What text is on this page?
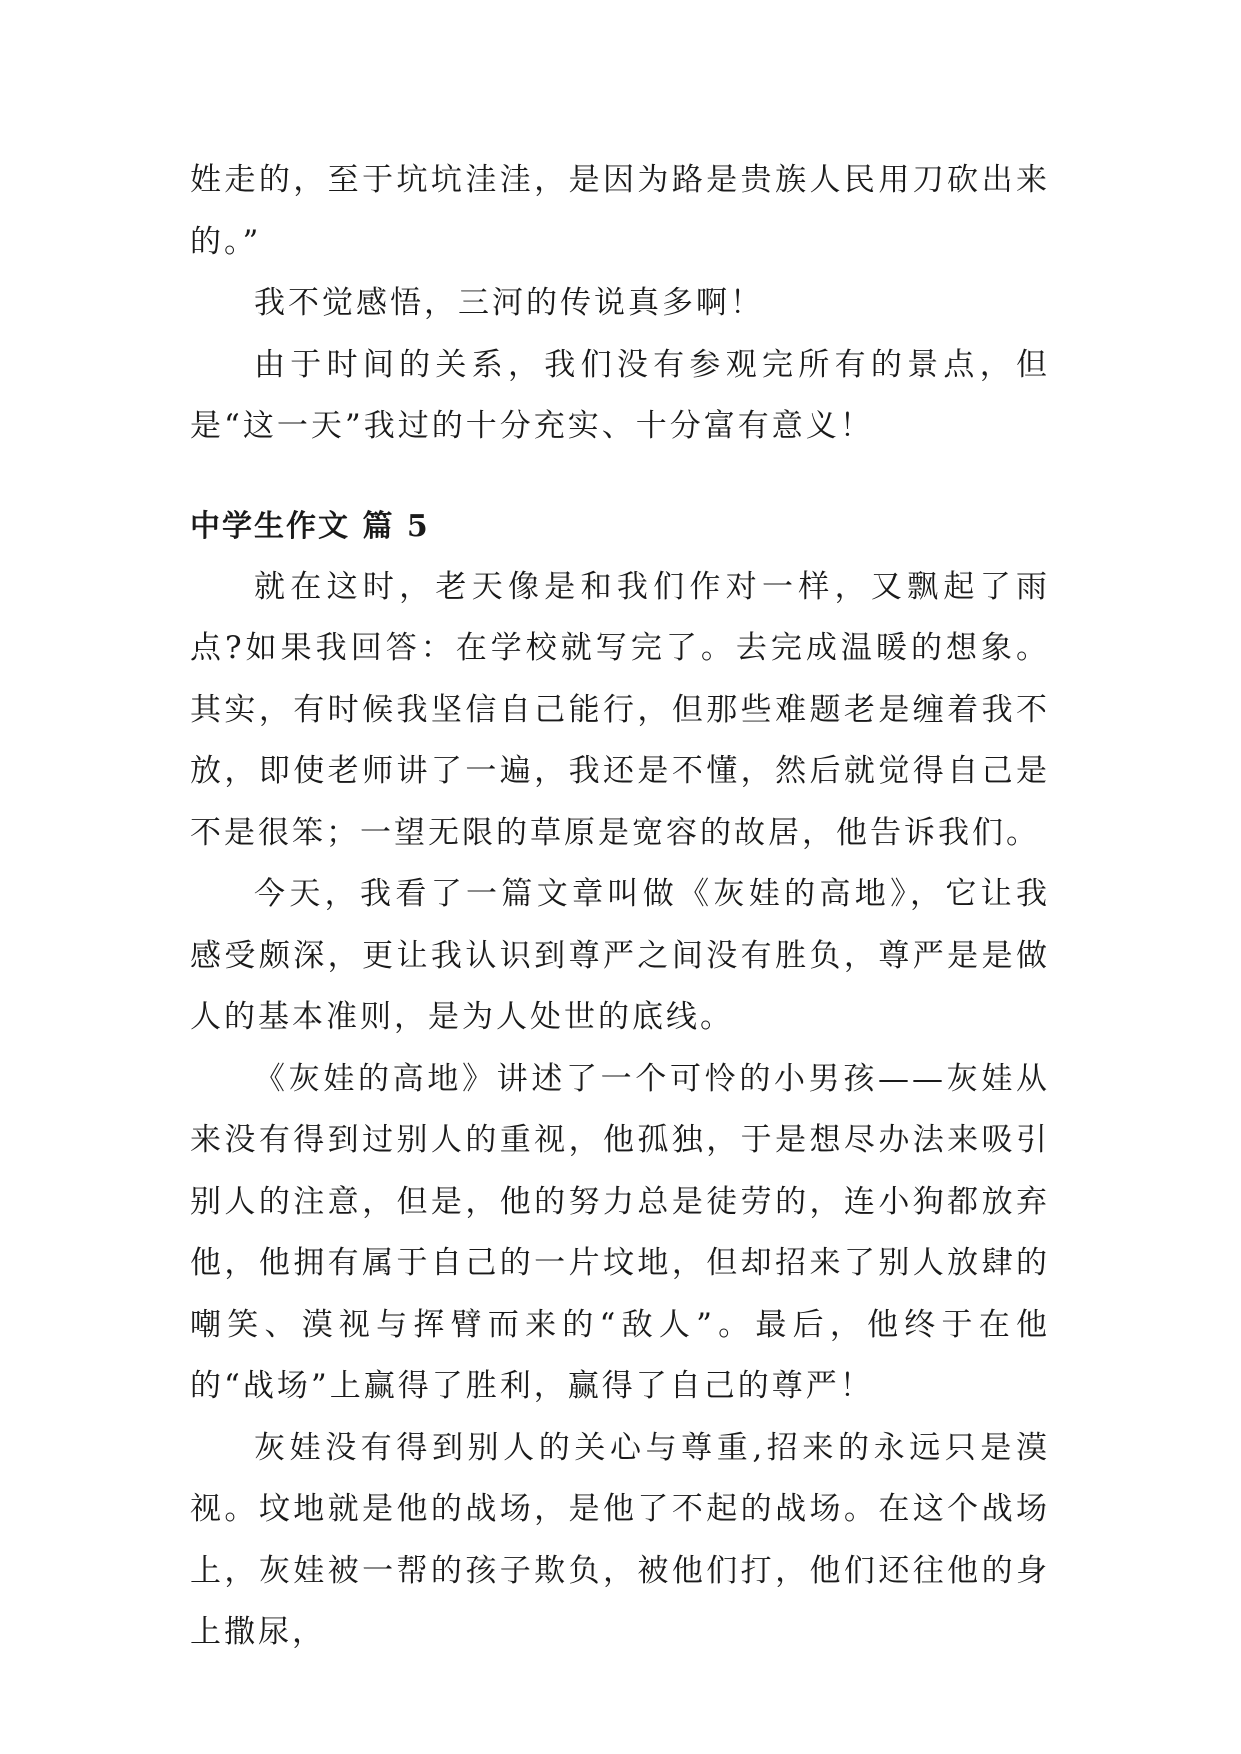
姓走的，至于坑坑洼洼，是因为路是贵族人民用刀砍出来的。”

我不觉感悟，三河的传说真多啊！

由于时间的关系，我们没有参观完所有的景点，但是“这一天”我过的十分充实、十分富有意义！

中学生作文 篇 5

就在这时，老天像是和我们作对一样，又飘起了雨点?如果我回答：在学校就写完了。去完成温暖的想象。其实，有时候我坚信自己能行，但那些难题老是缠着我不放，即使老师讲了一遍，我还是不懂，然后就觉得自己是不是很笨；一望无限的草原是宽容的故居，他告诉我们。

今天，我看了一篇文章叫做《灰娃的高地》，它让我感受颇深，更让我认识到尊严之间没有胜负，尊严是是做人的基本准则，是为人处世的底线。

《灰娃的高地》讲述了一个可怜的小男孩——灰娃从来没有得到过别人的重视，他孤独，于是想尽办法来吸引别人的注意，但是，他的努力总是徒劳的，连小狗都放弃他，他拥有属于自己的一片坟地，但却招来了别人放肆的嘲笑、漠视与挥臂而来的“敌人”。最后，他终于在他的“战场”上赢得了胜利，赢得了自己的尊严！

灰娃没有得到别人的关心与尊重,招来的永远只是漠视。坟地就是他的战场，是他了不起的战场。在这个战场上，灰娃被一帮的孩子欺负，被他们打，他们还往他的身上撒尿，
